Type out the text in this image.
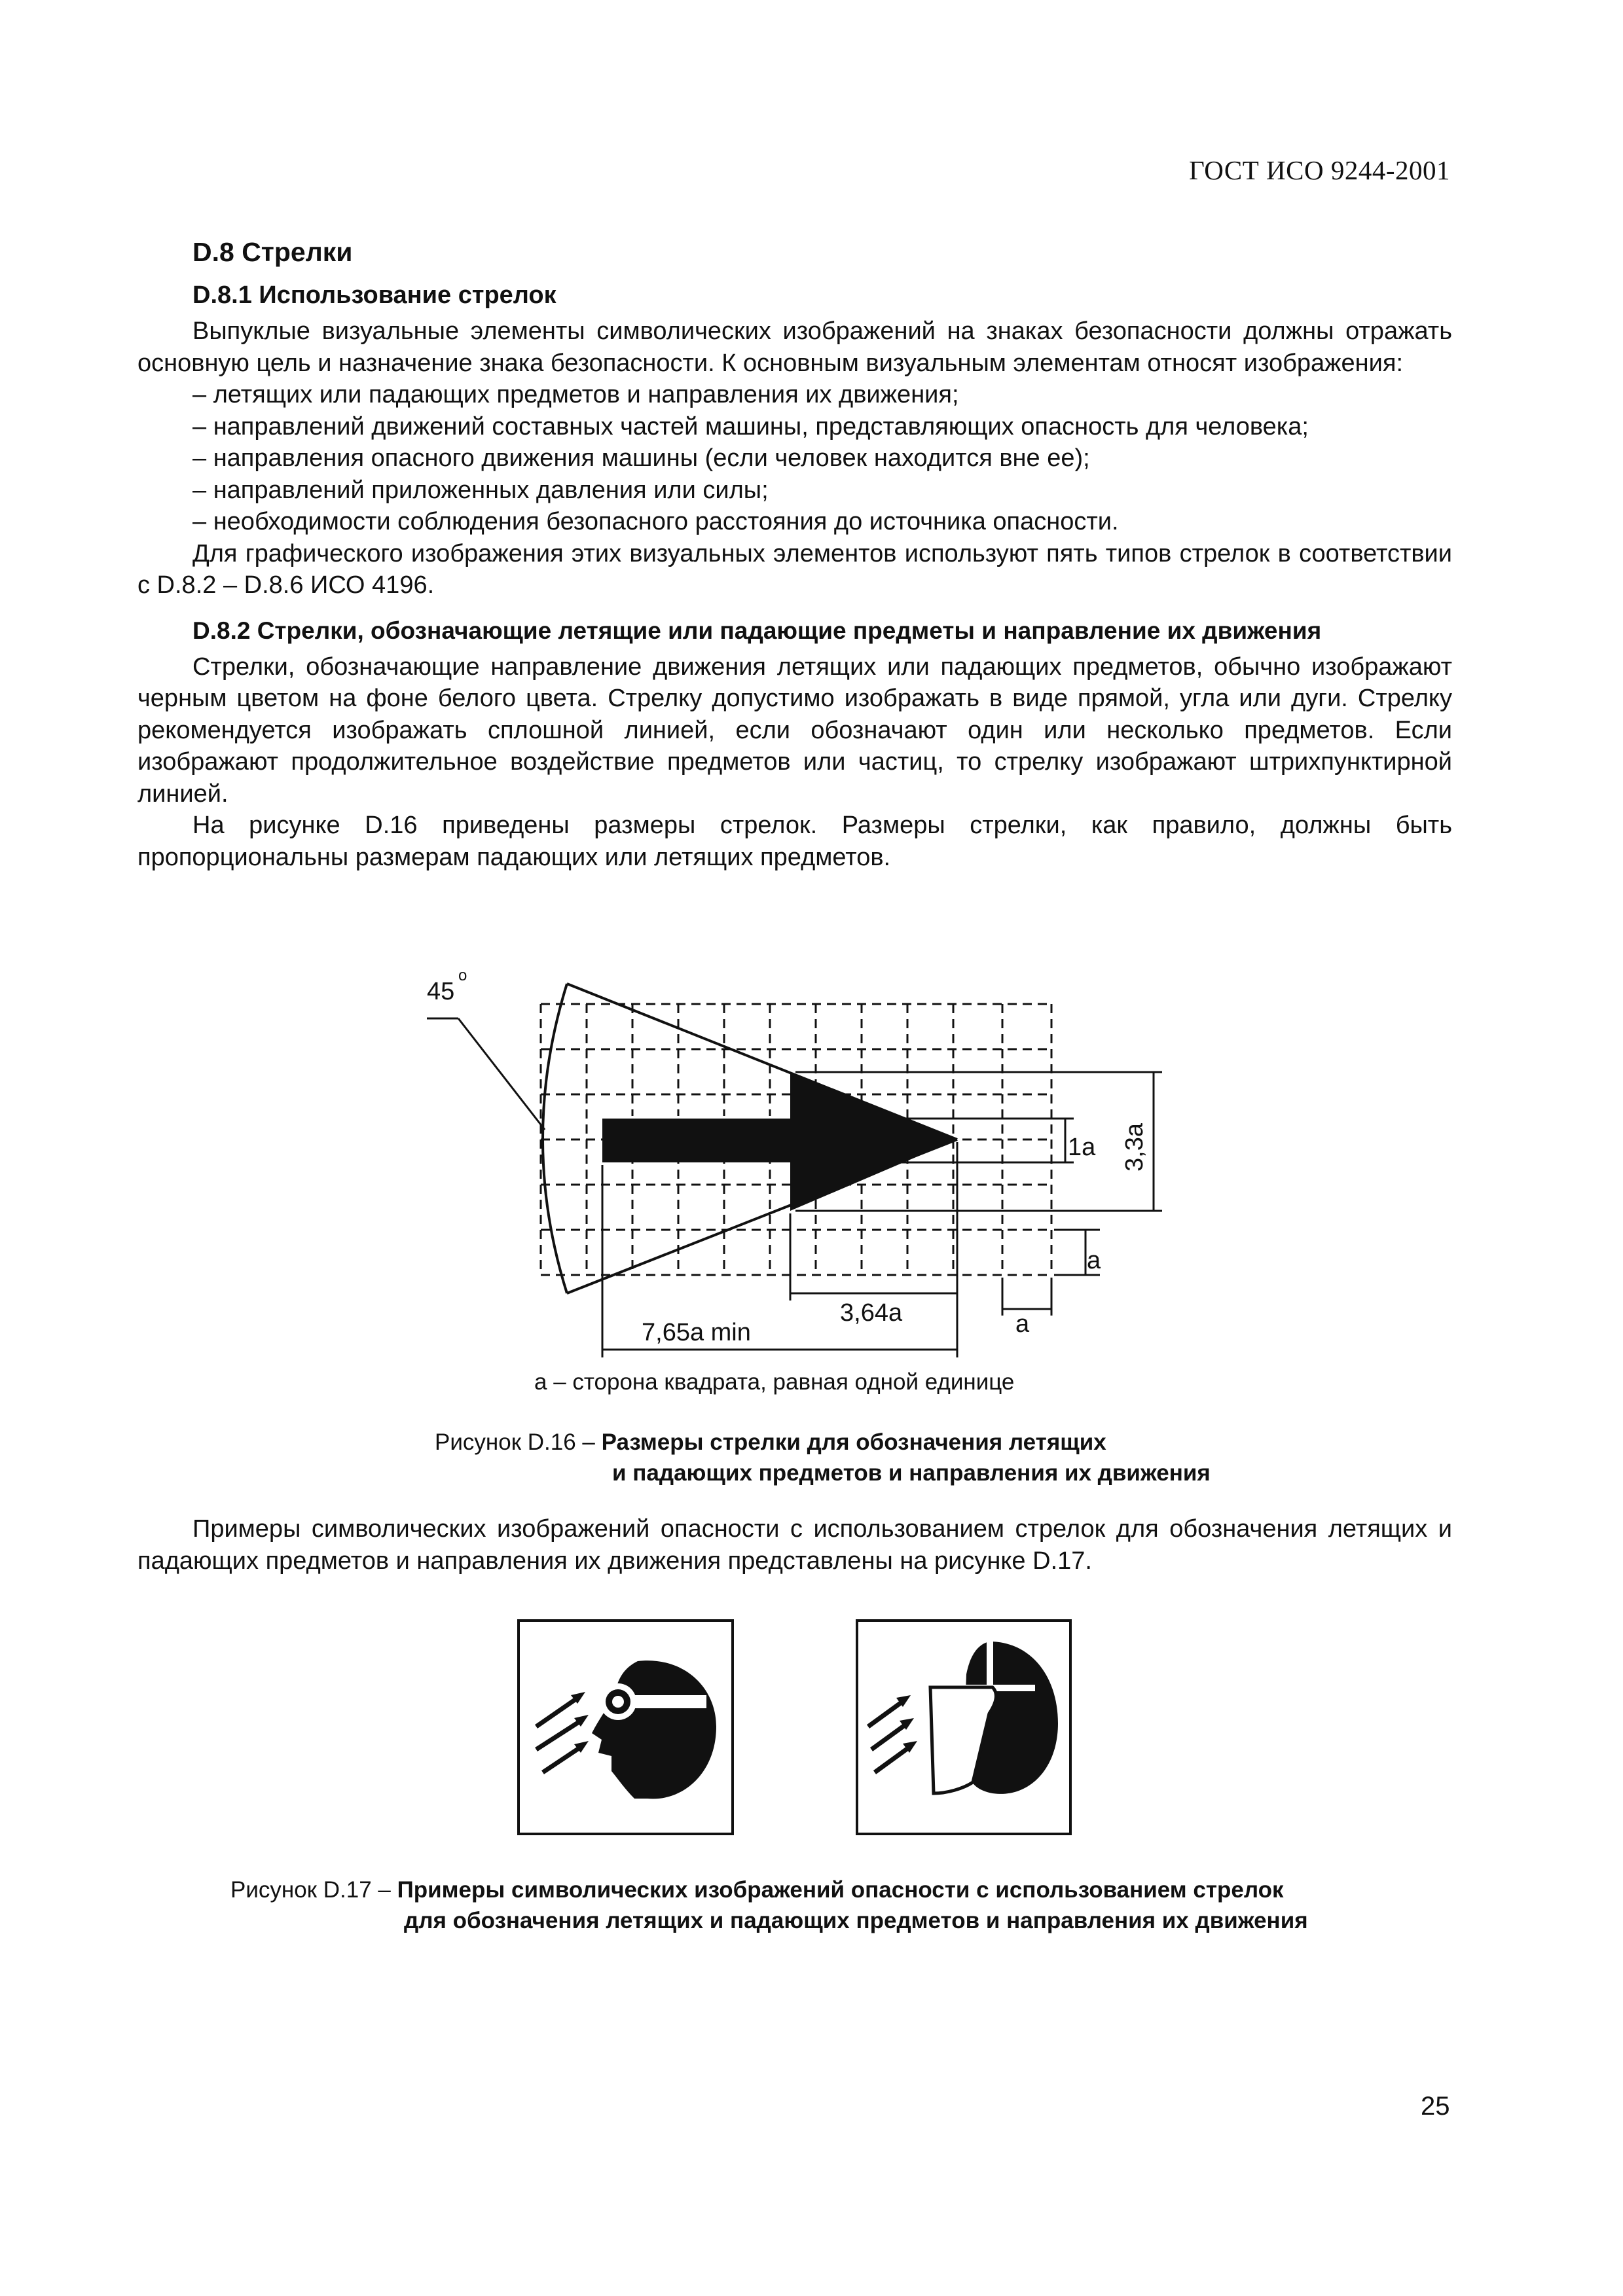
ГОСТ ИСО 9244-2001
D.8 Стрелки
D.8.1 Использование стрелок

Выпуклые визуальные элементы символических изображений на знаках безопасности должны отражать основную цель и назначение знака безопасности. К основным визуальным элементам относят изображения:

– летящих или падающих предметов и направления их движения;

– направлений движений составных частей машины, представляющих опасность для человека;

– направления опасного движения машины (если человек находится вне ее);

– направлений приложенных давления или силы;

– необходимости соблюдения безопасного расстояния до источника опасности.

Для графического изображения этих визуальных элементов используют пять типов стрелок в соответствии с D.8.2 – D.8.6 ИСО 4196.

D.8.2 Стрелки, обозначающие летящие или падающие предметы и направление их движения

Стрелки, обозначающие направление движения летящих или падающих предметов, обычно изображают черным цветом на фоне белого цвета. Стрелку допустимо изображать в виде прямой, угла или дуги. Стрелку рекомендуется изображать сплошной линией, если обозначают один или несколько предметов. Если изображают продолжительное воздействие предметов или частиц, то стрелку изображают штрихпунктирной линией.

На рисунке D.16 приведены размеры стрелок. Размеры стрелки, как правило, должны быть пропорциональны размерам падающих или летящих предметов.

45
о
1a 3,3a
a
3,64a
7,65a min	a
a – сторона квадрата, равная одной единице
Рисунок D.16 – Размеры стрелки для обозначения летящих
и падающих предметов и направления их движения

Примеры символических изображений опасности с использованием стрелок для обозначения летящих и падающих предметов и направления их движения представлены на рисунке D.17.

Рисунок D.17 – Примеры символических изображений опасности с использованием стрелок
для обозначения летящих и падающих предметов и направления их движения
25
